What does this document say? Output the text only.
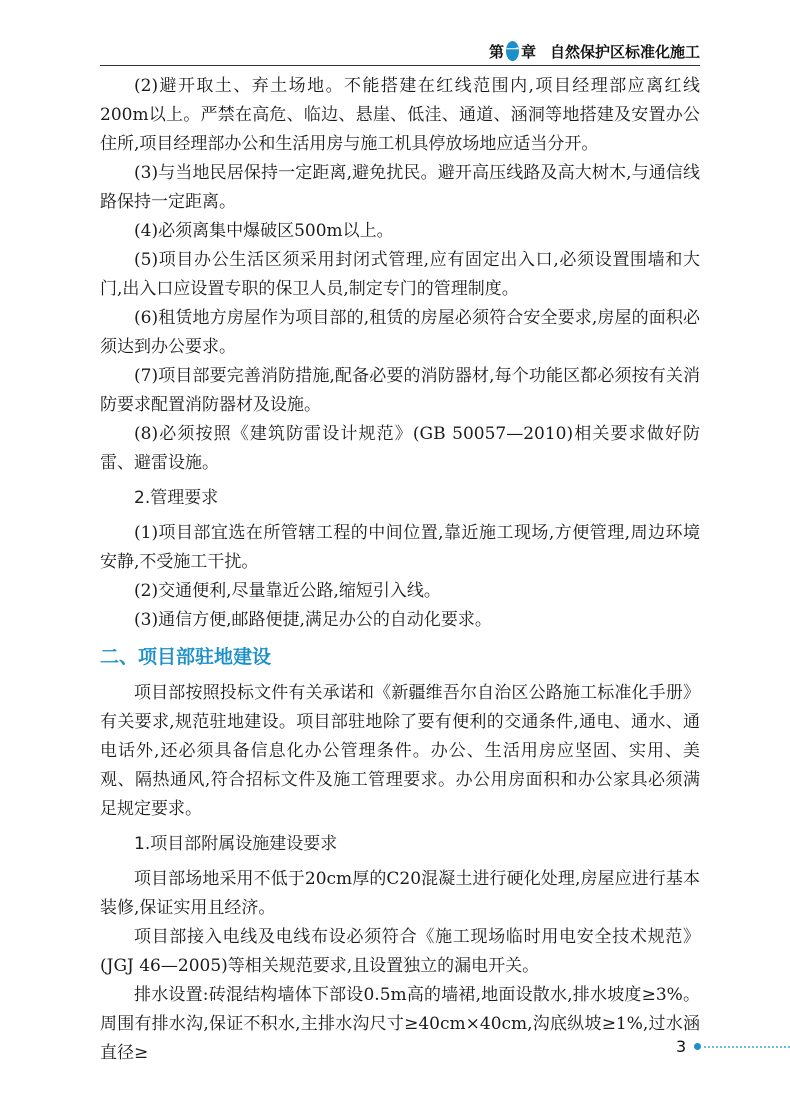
第 一 章 自然保护区标准化施工

(2)避开取土、弃土场地。不能搭建在红线范围内,项目经理部应离红线200m以上。严禁在高危、临边、悬崖、低洼、通道、涵洞等地搭建及安置办公住所,项目经理部办公和生活用房与施工机具停放场地应适当分开。

(3)与当地民居保持一定距离,避免扰民。避开高压线路及高大树木,与通信线路保持一定距离。

(4)必须离集中爆破区500m以上。

(5)项目办公生活区须采用封闭式管理,应有固定出入口,必须设置围墙和大门,出入口应设置专职的保卫人员,制定专门的管理制度。

(6)租赁地方房屋作为项目部的,租赁的房屋必须符合安全要求,房屋的面积必须达到办公要求。

(7)项目部要完善消防措施,配备必要的消防器材,每个功能区都必须按有关消防要求配置消防器材及设施。

(8)必须按照《建筑防雷设计规范》(GB 50057—2010)相关要求做好防雷、避雷设施。

2.管理要求

(1)项目部宜选在所管辖工程的中间位置,靠近施工现场,方便管理,周边环境安静,不受施工干扰。

(2)交通便利,尽量靠近公路,缩短引入线。

(3)通信方便,邮路便捷,满足办公的自动化要求。

二、项目部驻地建设

项目部按照投标文件有关承诺和《新疆维吾尔自治区公路施工标准化手册》有关要求,规范驻地建设。项目部驻地除了要有便利的交通条件,通电、通水、通电话外,还必须具备信息化办公管理条件。办公、生活用房应坚固、实用、美观、隔热通风,符合招标文件及施工管理要求。办公用房面积和办公家具必须满足规定要求。

1.项目部附属设施建设要求

项目部场地采用不低于20cm厚的C20混凝土进行硬化处理,房屋应进行基本装修,保证实用且经济。

项目部接入电线及电线布设必须符合《施工现场临时用电安全技术规范》(JGJ 46—2005)等相关规范要求,且设置独立的漏电开关。

排水设置:砖混结构墙体下部设0.5m高的墙裙,地面设散水,排水坡度≥3%。周围有排水沟,保证不积水,主排水沟尺寸≥40cm×40cm,沟底纵坡≥1%,过水涵直径≥	3
